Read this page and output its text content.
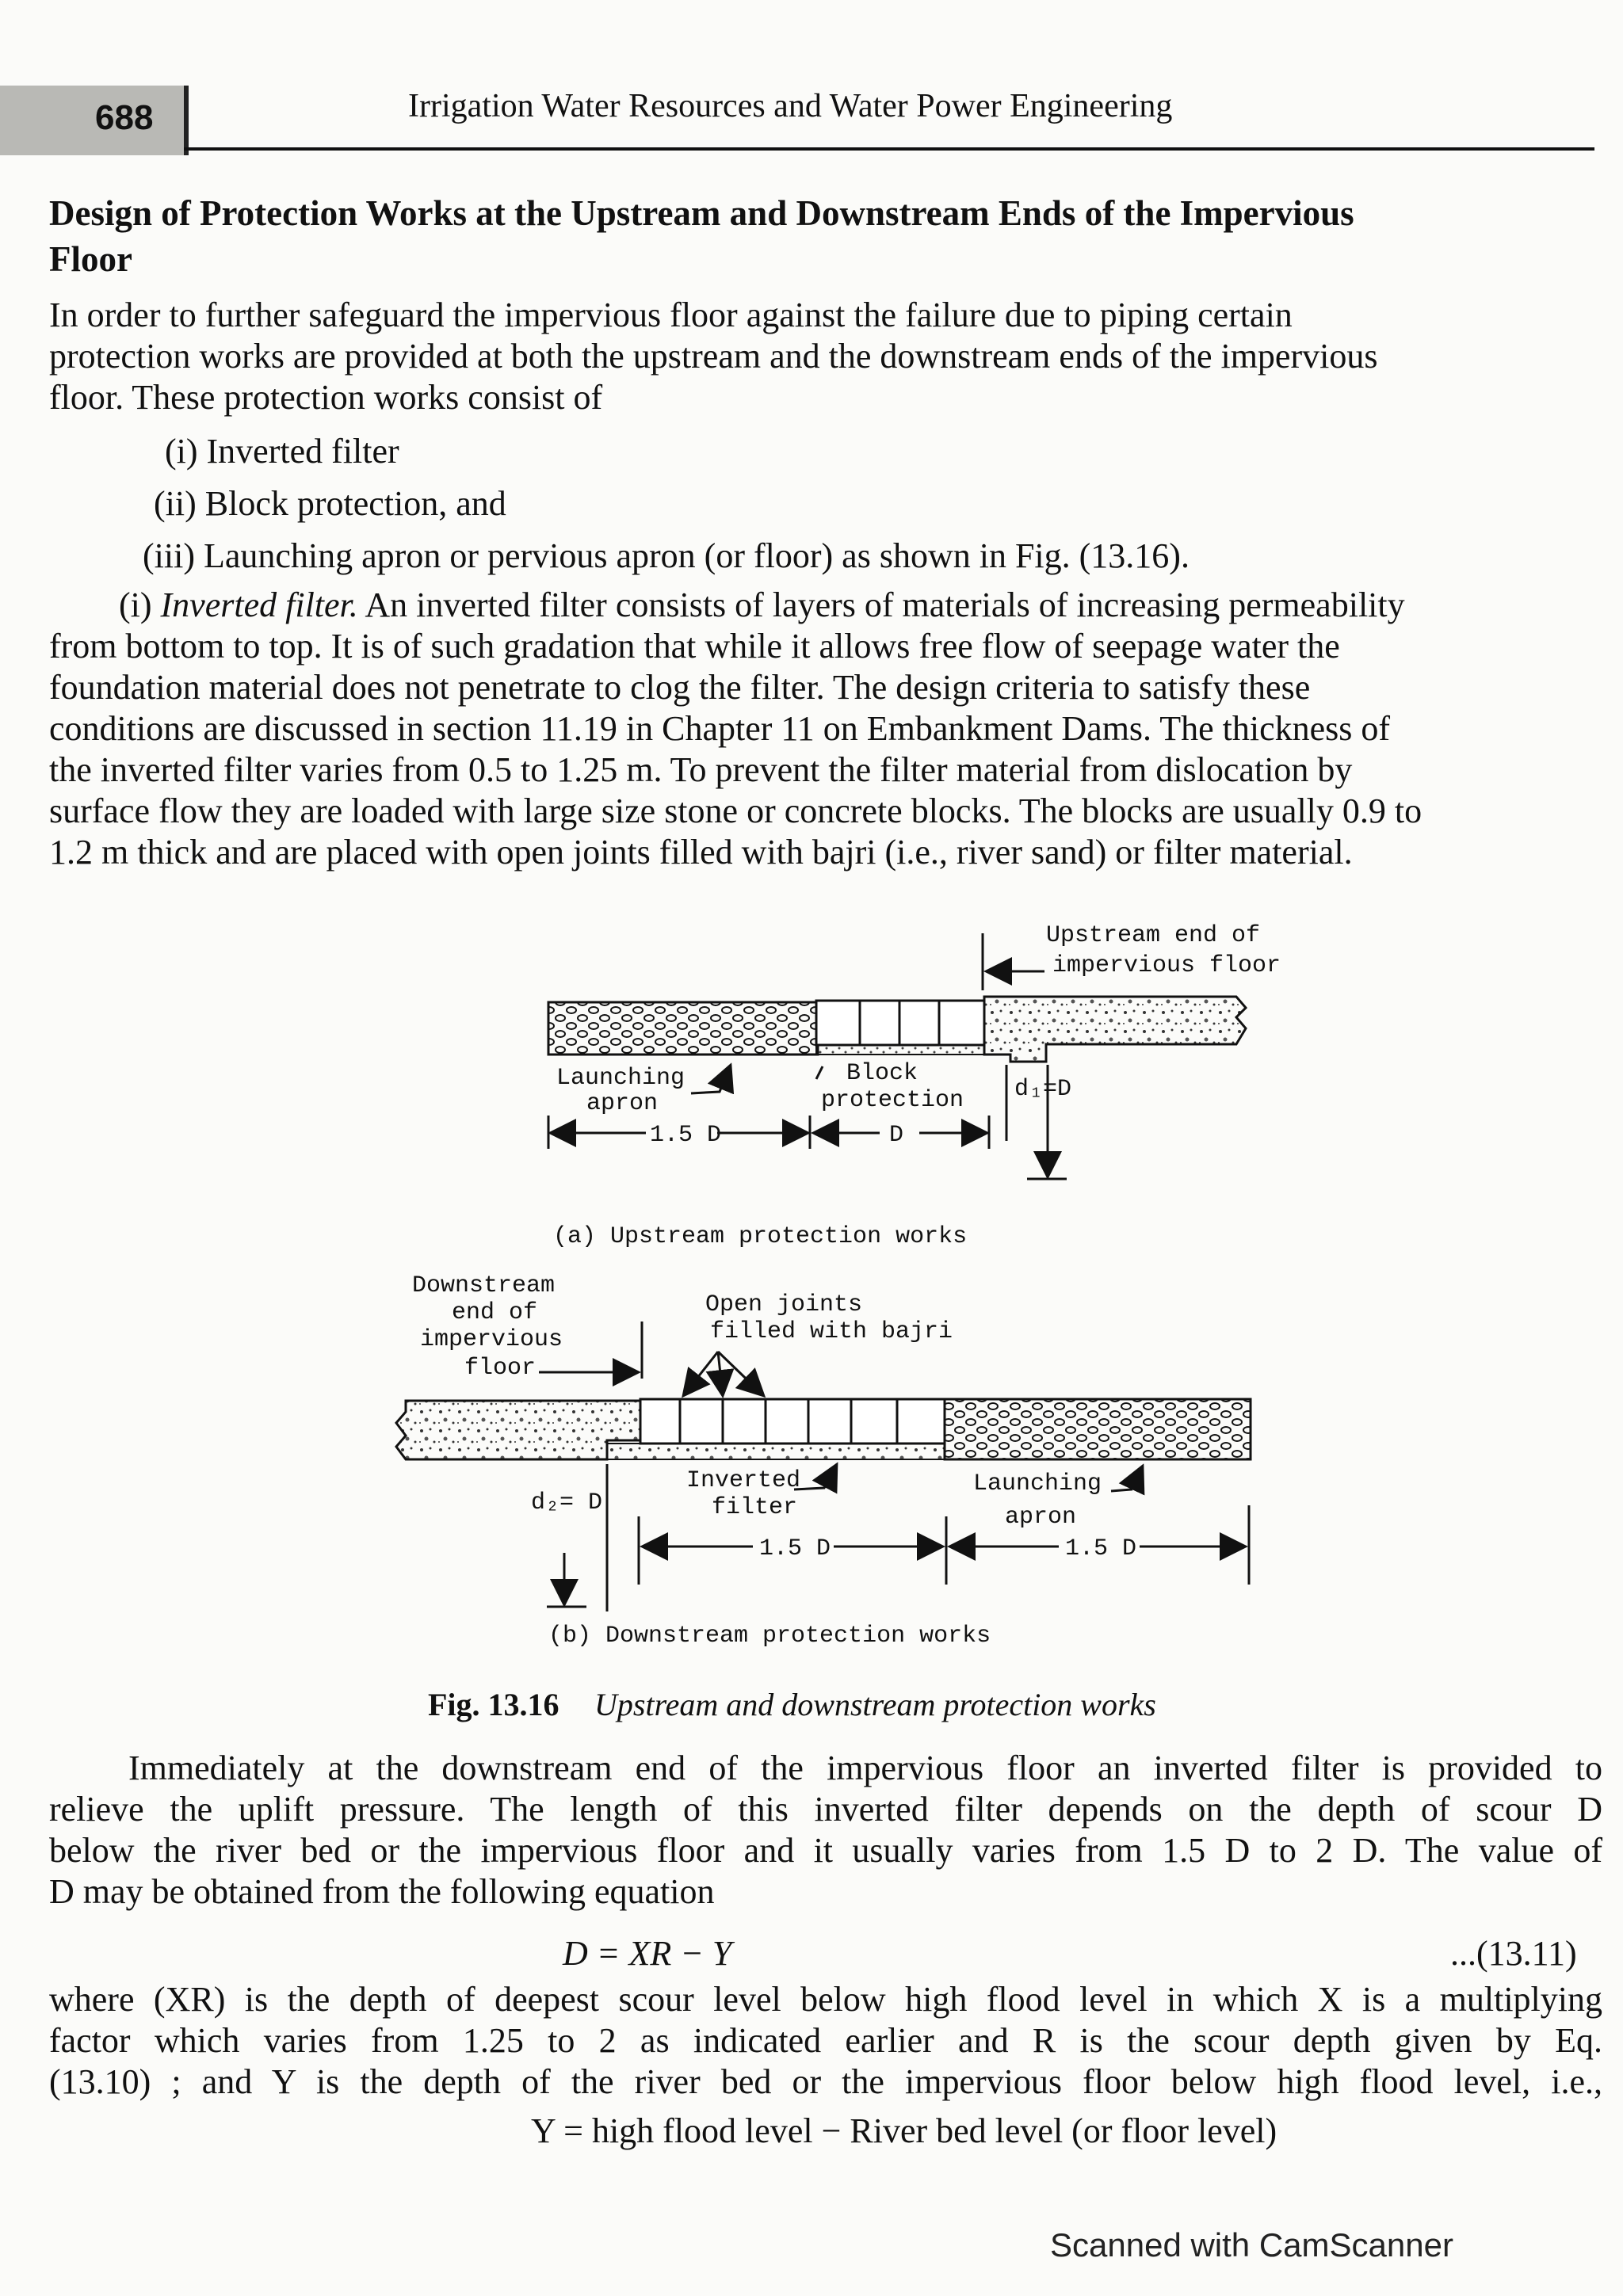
688	Irrigation Water Resources and Water Power Engineering
Design of Protection Works at the Upstream and Downstream Ends of the Impervious
Floor
In order to further safeguard the impervious floor against the failure due to piping certain
protection works are provided at both the upstream and the downstream ends of the impervious
floor. These protection works consist of
(i) Inverted filter
(ii) Block protection, and
(iii) Launching apron or pervious apron (or floor) as shown in Fig. (13.16).
(i) Inverted filter. An inverted filter consists of layers of materials of increasing permeability
from bottom to top. It is of such gradation that while it allows free flow of seepage water the
foundation material does not penetrate to clog the filter. The design criteria to satisfy these
conditions are discussed in section 11.19 in Chapter 11 on Embankment Dams. The thickness of
the inverted filter varies from 0.5 to 1.25 m. To prevent the filter material from dislocation by
surface flow they are loaded with large size stone or concrete blocks. The blocks are usually 0.9 to
1.2 m thick and are placed with open joints filled with bajri (i.e., river sand) or filter material.
Upstream end of
impervious floor
Launching
apron
Block
protection d₁=D
1.5 D	D
(a) Upstream protection works
Downstream
end of
impervious
floor
Open joints
filled with bajri
Inverted
filter
Launching
apron
d₂= D
1.5 D	1.5 D
(b) Downstream protection works
Fig. 13.16 Upstream and downstream protection works
Immediately at the downstream end of the impervious floor an inverted filter is provided to
relieve the uplift pressure. The length of this inverted filter depends on the depth of scour D
below the river bed or the impervious floor and it usually varies from 1.5 D to 2 D. The value of
D may be obtained from the following equation
D = XR − Y	...(13.11)
where (XR) is the depth of deepest scour level below high flood level in which X is a multiplying
factor which varies from 1.25 to 2 as indicated earlier and R is the scour depth given by Eq.
(13.10) ; and Y is the depth of the river bed or the impervious floor below high flood level, i.e.,
Y = high flood level − River bed level (or floor level)
Scanned with CamScanner
